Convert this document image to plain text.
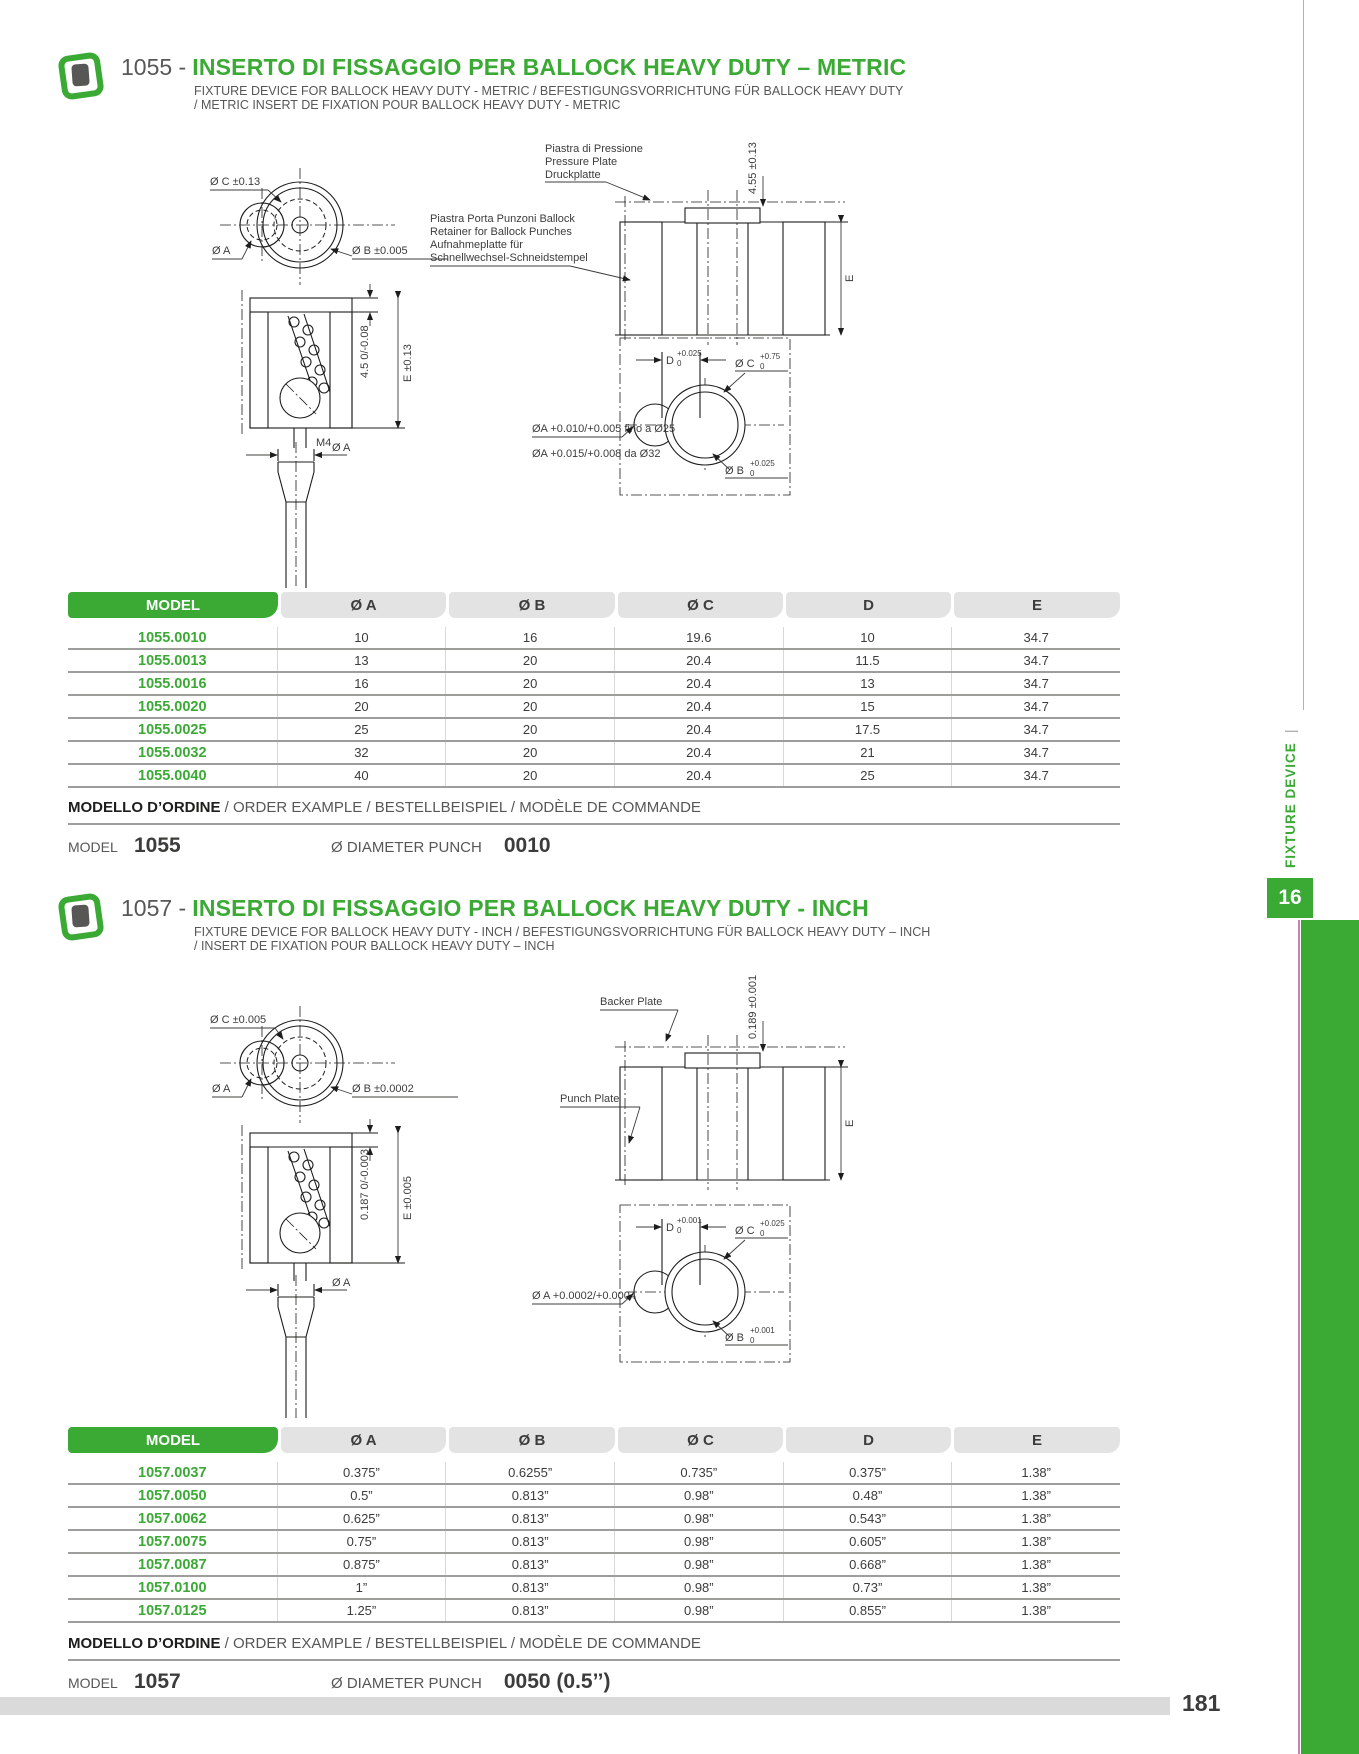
1055 - INSERTO DI FISSAGGIO PER BALLOCK HEAVY DUTY – METRIC
FIXTURE DEVICE FOR BALLOCK HEAVY DUTY - METRIC / BEFESTIGUNGSVORRICHTUNG FÜR BALLOCK HEAVY DUTY
/ METRIC INSERT DE FIXATION POUR BALLOCK HEAVY DUTY - METRIC
Ø C ±0.13
Ø A	Ø B ±0.005
M4
4.5 0/-0.08	E ±0.13
Ø A
Piastra di Pressione
Pressure Plate
Druckplatte
Piastra Porta Punzoni Ballock
Retainer for Ballock Punches
Aufnahmeplatte für
Schnellwechsel-Schneidstempel
4.55 ±0.13
E
D
+0.025
0	Ø C
+0.75
0
ØA +0.010/+0.005 fino a Ø25
ØA +0.015/+0.008 da Ø32
Ø B
+0.025
0
MODEL	Ø A	Ø B	Ø C	D	E
1055.0010	10	16	19.6	10	34.7
1055.0013	13	20	20.4	11.5	34.7
1055.0016	16	20	20.4	13	34.7
1055.0020	20	20	20.4	15	34.7
1055.0025	25	20	20.4	17.5	34.7
1055.0032	32	20	20.4	21	34.7
1055.0040	40	20	20.4	25	34.7
MODELLO D’ORDINE / ORDER EXAMPLE / BESTELLBEISPIEL / MODÈLE DE COMMANDE
MODEL 1055	Ø DIAMETER PUNCH 0010
1057 - INSERTO DI FISSAGGIO PER BALLOCK HEAVY DUTY - INCH
FIXTURE DEVICE FOR BALLOCK HEAVY DUTY - INCH / BEFESTIGUNGSVORRICHTUNG FÜR BALLOCK HEAVY DUTY – INCH
/ INSERT DE FIXATION POUR BALLOCK HEAVY DUTY – INCH
Ø C ±0.005
Ø A	Ø B ±0.0002
0.187 0/-0.003	E ±0.005
Ø A
Backer Plate	0.189 ±0.001
Punch Plate
E
D
+0.001
0	Ø C
+0.025
0
Ø A +0.0002/+0.0004
Ø B
+0.001
0
MODEL	Ø A	Ø B	Ø C	D	E
1057.0037	0.375”	0.6255”	0.735”	0.375”	1.38”
1057.0050	0.5”	0.813”	0.98”	0.48”	1.38”
1057.0062	0.625”	0.813”	0.98”	0.543”	1.38”
1057.0075	0.75”	0.813”	0.98”	0.605”	1.38”
1057.0087	0.875”	0.813”	0.98”	0.668”	1.38”
1057.0100	1”	0.813”	0.98”	0.73”	1.38”
1057.0125	1.25”	0.813”	0.98”	0.855”	1.38”
MODELLO D’ORDINE / ORDER EXAMPLE / BESTELLBEISPIEL / MODÈLE DE COMMANDE
MODEL 1057	Ø DIAMETER PUNCH 0050 (0.5’’)
FIXTURE DEVICE
|
16
181
